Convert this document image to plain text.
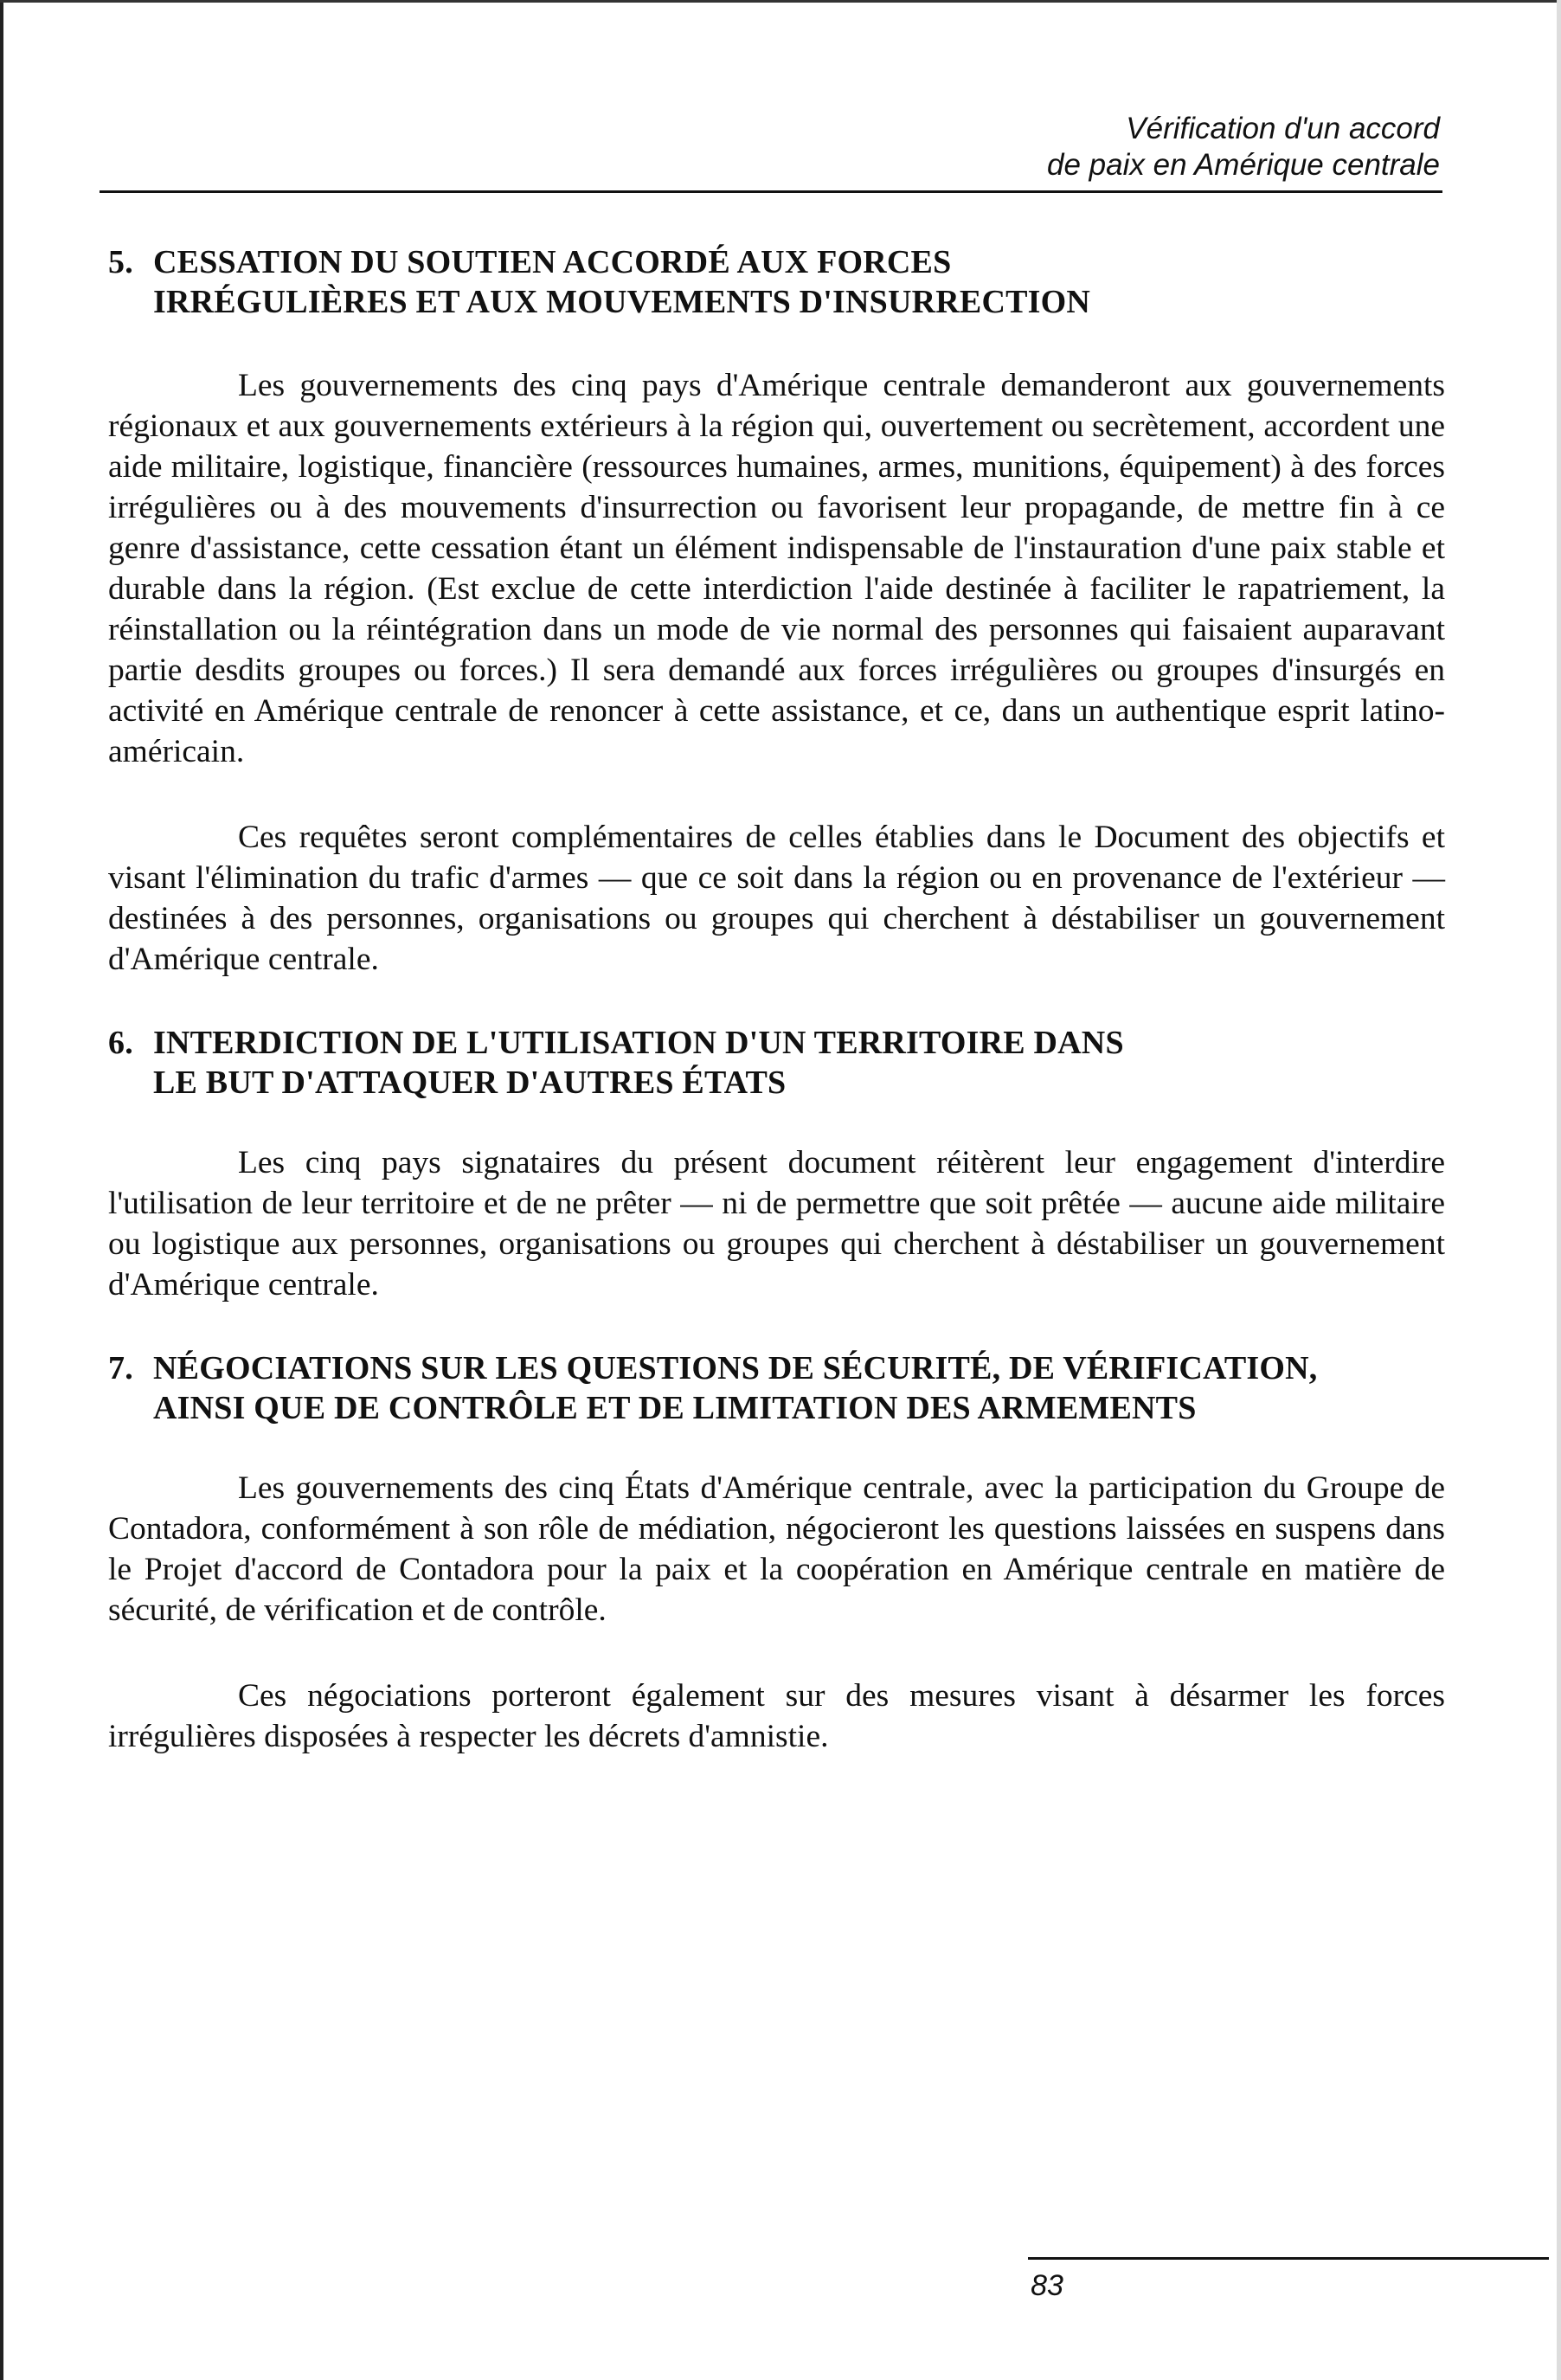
Vérification d'un accord
de paix en Amérique centrale
5. CESSATION DU SOUTIEN ACCORDÉ AUX FORCES
IRRÉGULIÈRES ET AUX MOUVEMENTS D'INSURRECTION

Les gouvernements des cinq pays d'Amérique centrale demanderont aux gouvernements régionaux et aux gouvernements extérieurs à la région qui, ouvertement ou secrètement, accordent une aide militaire, logistique, financière (ressources humaines, armes, munitions, équipement) à des forces irrégulières ou à des mouvements d'insurrection ou favorisent leur propagande, de mettre fin à ce genre d'assistance, cette cessation étant un élément indispensable de l'instauration d'une paix stable et durable dans la région. (Est exclue de cette interdiction l'aide destinée à faciliter le rapatriement, la réinstallation ou la réintégration dans un mode de vie normal des personnes qui faisaient auparavant partie desdits groupes ou forces.) Il sera demandé aux forces irrégulières ou groupes d'insurgés en activité en Amérique centrale de renoncer à cette assistance, et ce, dans un authentique esprit latino-américain.

Ces requêtes seront complémentaires de celles établies dans le Document des objectifs et visant l'élimination du trafic d'armes — que ce soit dans la région ou en provenance de l'extérieur — destinées à des personnes, organisations ou groupes qui cherchent à déstabiliser un gouvernement d'Amérique centrale.

6. INTERDICTION DE L'UTILISATION D'UN TERRITOIRE DANS
LE BUT D'ATTAQUER D'AUTRES ÉTATS

Les cinq pays signataires du présent document réitèrent leur engagement d'interdire l'utilisation de leur territoire et de ne prêter — ni de permettre que soit prêtée — aucune aide militaire ou logistique aux personnes, organisations ou groupes qui cherchent à déstabiliser un gouvernement d'Amérique centrale.

7. NÉGOCIATIONS SUR LES QUESTIONS DE SÉCURITÉ, DE VÉRIFICATION,
AINSI QUE DE CONTRÔLE ET DE LIMITATION DES ARMEMENTS

Les gouvernements des cinq États d'Amérique centrale, avec la participation du Groupe de Contadora, conformément à son rôle de médiation, négocieront les questions laissées en suspens dans le Projet d'accord de Contadora pour la paix et la coopération en Amérique centrale en matière de sécurité, de vérification et de contrôle.

Ces négociations porteront également sur des mesures visant à désarmer les forces irrégulières disposées à respecter les décrets d'amnistie.

83
